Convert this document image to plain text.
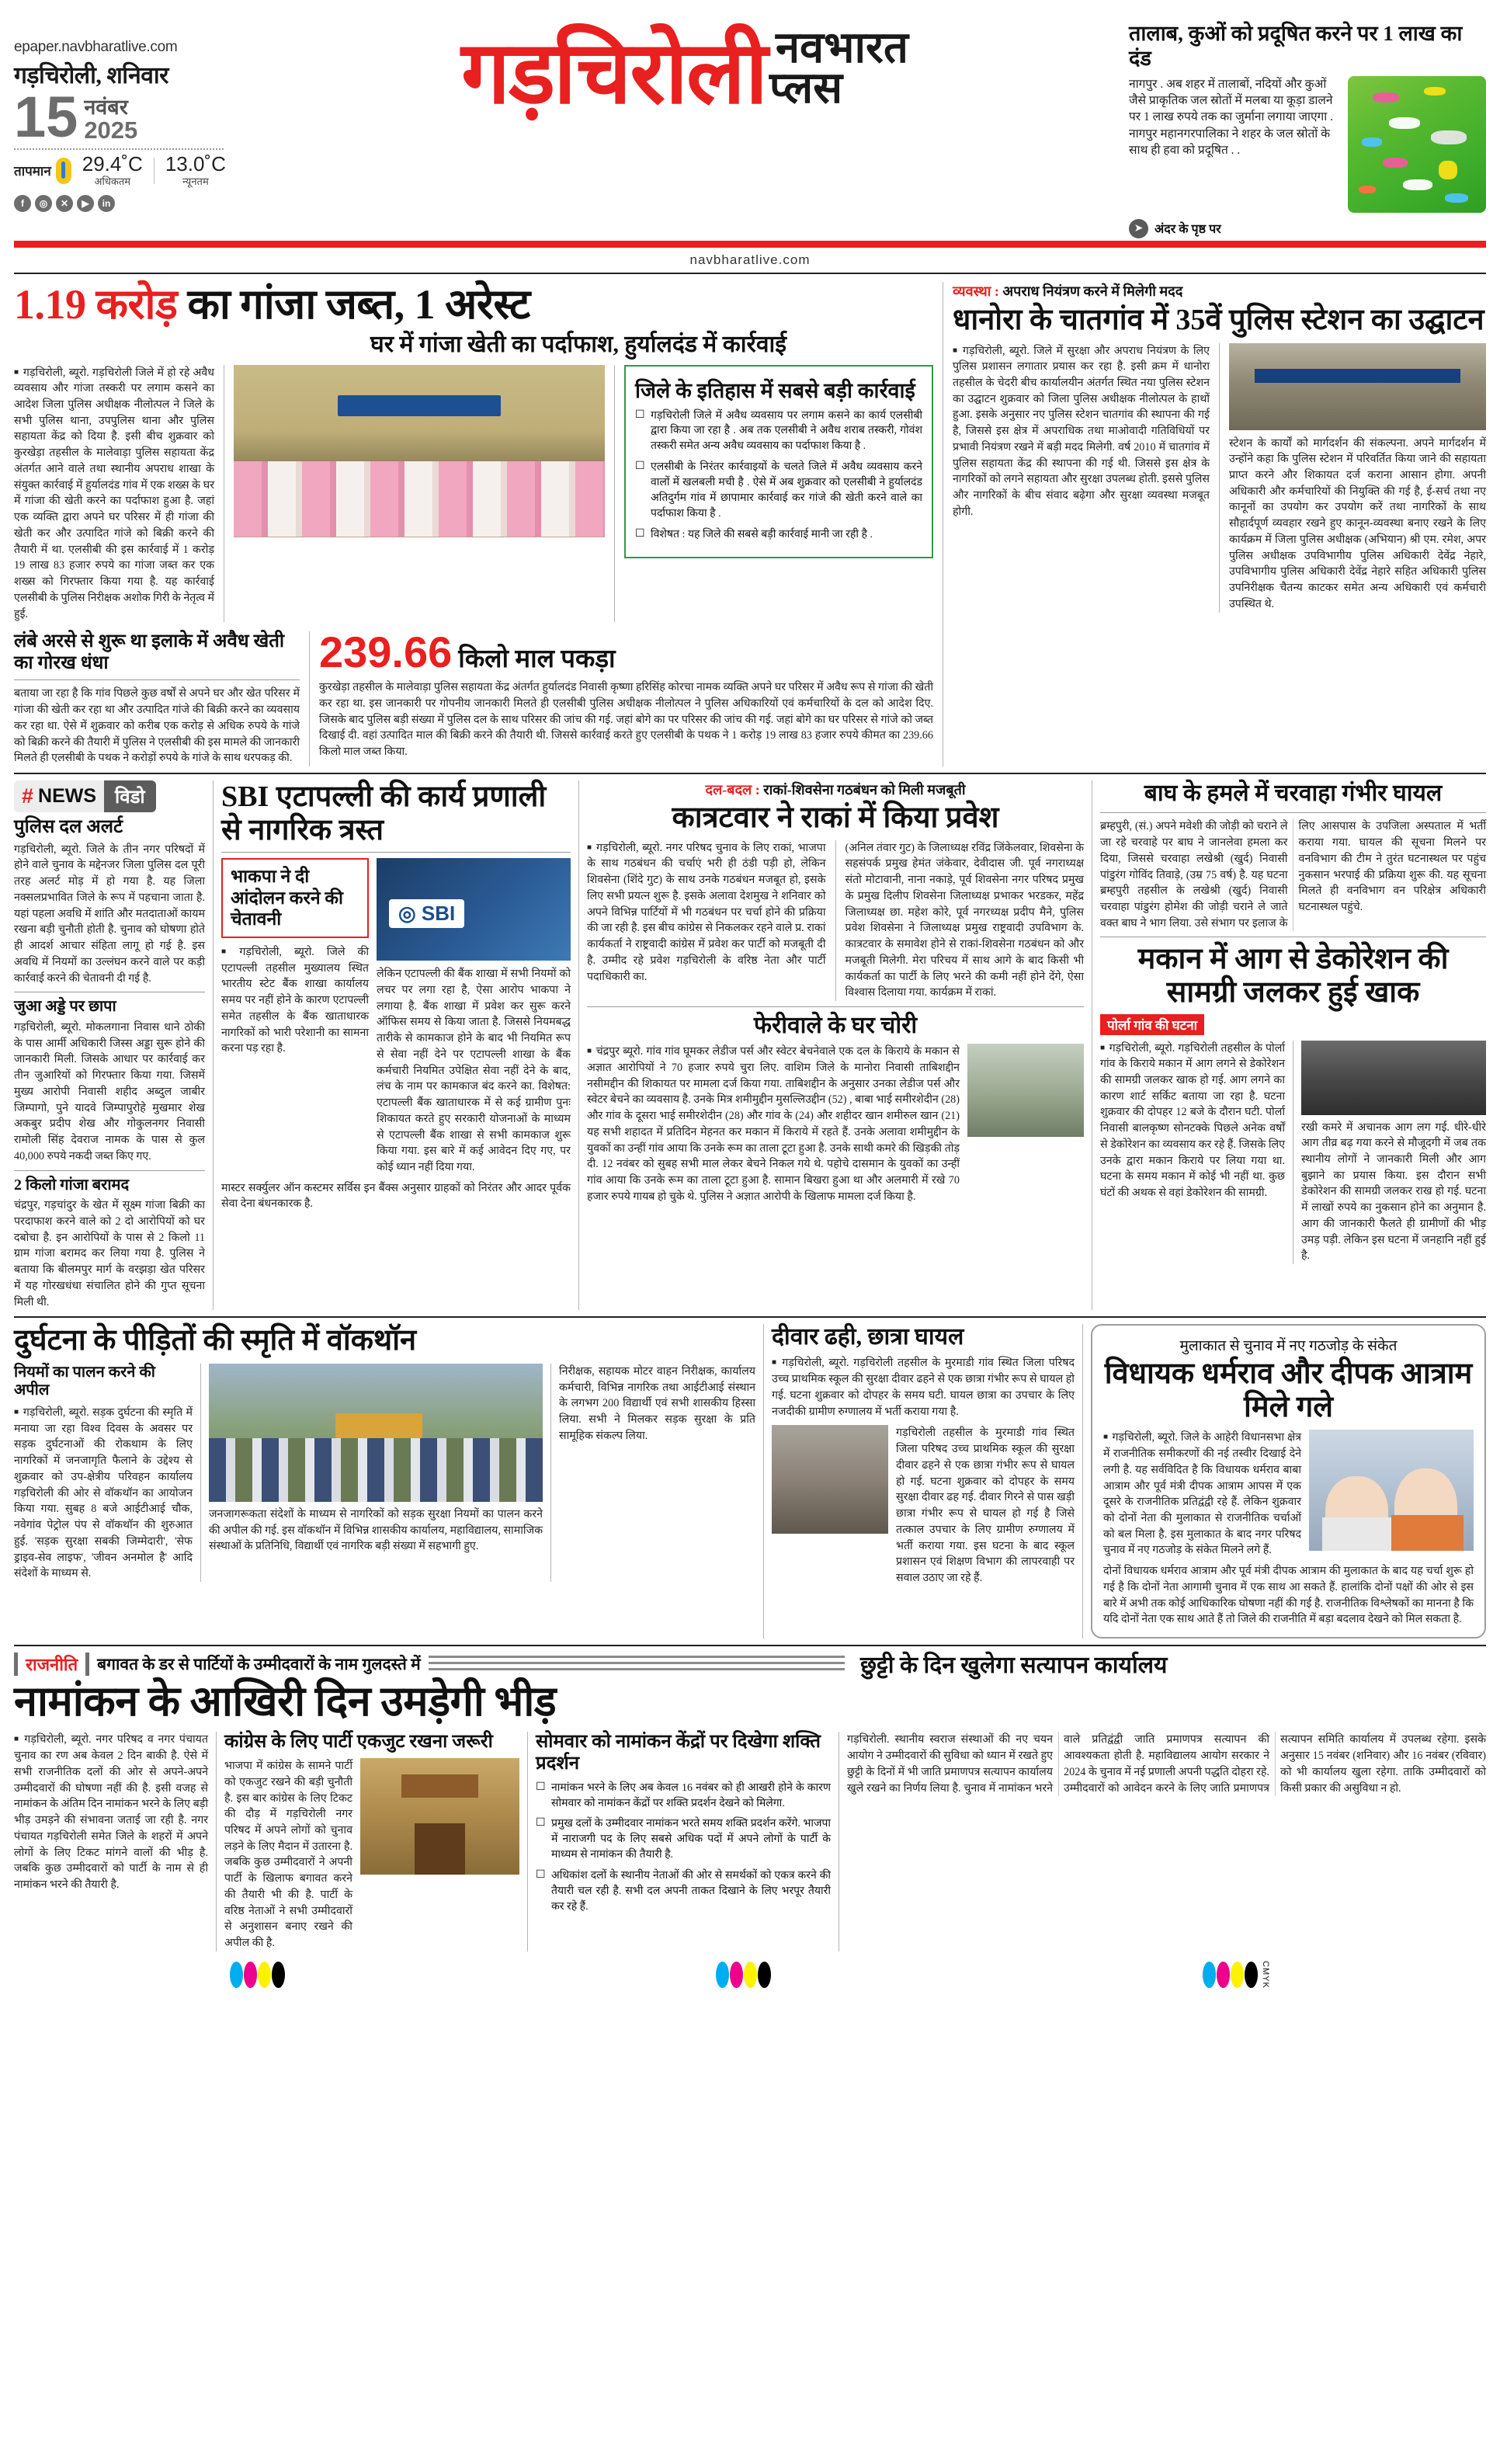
epaper.navbharatlive.com
गड़चिरोली, शनिवार
15 नवंबर
2025
तापमान 29.4˚C
अधिकतम
13.0˚C
न्यूनतम
f	◎	✕	▶	in
गड़चिरोली नवभारत
प्लस
तालाब, कुओं को प्रदूषित करने पर 1 लाख का दंड
नागपुर . अब शहर में तालाबों, नदियों और कुओं जैसे प्राकृतिक जल स्रोतों में मलबा या कूड़ा डालने पर 1 लाख रुपये तक का जुर्माना लगाया जाएगा . नागपुर महानगरपालिका ने शहर के जल स्रोतों के साथ ही हवा को प्रदूषित . .
➤ अंदर के पृष्ठ पर
navbharatlive.com
1.19 करोड़ का गांजा जब्त, 1 अरेस्ट
घर में गांजा खेती का पर्दाफाश, हुर्यालदंड में कार्रवाई
■ गड़चिरोली, ब्यूरो. गड़चिरोली जिले में हो रहे अवैध व्यवसाय और गांजा तस्करी पर लगाम कसने का आदेश जिला पुलिस अधीक्षक नीलोत्पल ने जिले के सभी पुलिस थाना, उपपुलिस थाना और पुलिस सहायता केंद्र को दिया है. इसी बीच शुक्रवार को कुरखेड़ा तहसील के मालेवाड़ा पुलिस सहायता केंद्र अंतर्गत आने वाले तथा स्थानीय अपराध शाखा के संयुक्त कार्रवाई में हुर्यालदंड गांव में एक शख्स के घर में गांजा की खेती करने का पर्दाफाश हुआ है. जहां एक व्यक्ति द्वारा अपने घर परिसर में ही गांजा की खेती कर और उत्पादित गांजे को बिक्री करने की तैयारी में था. एलसीबी की इस कार्रवाई में 1 करोड़ 19 लाख 83 हजार रुपये का गांजा जब्त कर एक शख्स को गिरफ्तार किया गया है. यह कार्रवाई एलसीबी के पुलिस निरीक्षक अशोक गिरी के नेतृत्व में हुई.
जिले के इतिहास में सबसे बड़ी कार्रवाई
☐ गड़चिरोली जिले में अवैध व्यवसाय पर लगाम कसने का कार्य एलसीबी द्वारा किया जा रहा है . अब तक एलसीबी ने अवैध शराब तस्करी, गोवंश तस्करी समेत अन्य अवैध व्यवसाय का पर्दाफाश किया है .
☐ एलसीबी के निरंतर कार्रवाइयों के चलते जिले में अवैध व्यवसाय करने वालों में खलबली मची है . ऐसे में अब शुक्रवार को एलसीबी ने हुर्यालदंड अतिदुर्गम गांव में छापामार कार्रवाई कर गांजे की खेती करने वाले का पर्दाफाश किया है .
☐ विशेषत : यह जिले की सबसे बड़ी कार्रवाई मानी जा रही है .
लंबे अरसे से शुरू था इलाके में अवैध खेती का गोरख धंधा
बताया जा रहा है कि गांव पिछले कुछ वर्षों से अपने घर और खेत परिसर में गांजा की खेती कर रहा था और उत्पादित गांजे की बिक्री करने का व्यवसाय कर रहा था. ऐसे में शुक्रवार को करीब एक करोड़ से अधिक रुपये के गांजे को बिक्री करने की तैयारी में पुलिस ने एलसीबी की इस मामले की जानकारी मिलते ही एलसीबी के पथक ने करोड़ों रुपये के गांजे के साथ धरपकड़ की.
239.66 किलो माल पकड़ा
कुरखेड़ा तहसील के मालेवाड़ा पुलिस सहायता केंद्र अंतर्गत हुर्यालदंड निवासी कृष्णा हरिसिंह कोरचा नामक व्यक्ति अपने घर परिसर में अवैध रूप से गांजा की खेती कर रहा था. इस जानकारी पर गोपनीय जानकारी मिलते ही एलसीबी पुलिस अधीक्षक नीलोत्पल ने पुलिस अधिकारियों एवं कर्मचारियों के दल को आदेश दिए. जिसके बाद पुलिस बड़ी संख्या में पुलिस दल के साथ परिसर की जांच की गई. जहां बोगे का पर परिसर की जांच की गई. जहां बोगे का घर परिसर से गांजे को जब्त दिखाई दी. वहां उत्पादित माल की बिक्री करने की तैयारी थी. जिससे कार्रवाई करते हुए एलसीबी के पथक ने 1 करोड़ 19 लाख 83 हजार रुपये कीमत का 239.66 किलो माल जब्त किया.
व्यवस्था : अपराध नियंत्रण करने में मिलेगी मदद
धानोरा के चातगांव में 35वें पुलिस स्टेशन का उद्घाटन
■ गड़चिरोली, ब्यूरो. जिले में सुरक्षा और अपराध नियंत्रण के लिए पुलिस प्रशासन लगातार प्रयास कर रहा है. इसी क्रम में धानोरा तहसील के चेदरी बीच कार्यालयीन अंतर्गत स्थित नया पुलिस स्टेशन का उद्घाटन शुक्रवार को जिला पुलिस अधीक्षक नीलोत्पल के हाथों हुआ. इसके अनुसार नए पुलिस स्टेशन चातगांव की स्थापना की गई है, जिससे इस क्षेत्र में अपराधिक तथा माओवादी गतिविधियों पर प्रभावी नियंत्रण रखने में बड़ी मदद मिलेगी. वर्ष 2010 में चातगांव में पुलिस सहायता केंद्र की स्थापना की गई थी. जिससे इस क्षेत्र के नागरिकों को लगने सहायता और सुरक्षा उपलब्ध होती. इससे पुलिस और नागरिकों के बीच संवाद बढ़ेगा और सुरक्षा व्यवस्था मजबूत होगी.
स्टेशन के कार्यों को मार्गदर्शन की संकल्पना. अपने मार्गदर्शन में उन्होंने कहा कि पुलिस स्टेशन में परिवर्तित किया जाने की सहायता प्राप्त करने और शिकायत दर्ज कराना आसान होगा. अपनी अधिकारी और कर्मचारियों की नियुक्ति की गई है, ई-सर्च तथा नए कानूनों का उपयोग कर उपयोग करें तथा नागरिकों के साथ सौहार्दपूर्ण व्यवहार रखने हुए कानून-व्यवस्था बनाए रखने के लिए कार्यक्रम में जिला पुलिस अधीक्षक (अभियान) श्री एम. रमेश, अपर पुलिस अधीक्षक उपविभागीय पुलिस अधिकारी देवेंद्र नेहारे, उपविभागीय पुलिस अधिकारी देवेंद्र नेहारे सहित अधिकारी पुलिस उपनिरीक्षक चैतन्य काटकर समेत अन्य अधिकारी एवं कर्मचारी उपस्थित थे.
# NEWS	विडो
पुलिस दल अलर्ट
गड़चिरोली, ब्यूरो. जिले के तीन नगर परिषदों में होने वाले चुनाव के मद्देनजर जिला पुलिस दल पूरी तरह अलर्ट मोड़ में हो गया है. यह जिला नक्सलप्रभावित जिले के रूप में पहचाना जाता है. यहां पहला अवधि में शांति और मतदाताओं कायम रखना बड़ी चुनौती होती है. चुनाव को घोषणा होते ही आदर्श आचार संहिता लागू हो गई है. इस अवधि में नियमों का उल्लंघन करने वाले पर कड़ी कार्रवाई करने की चेतावनी दी गई है.
जुआ अड्डे पर छापा
गड़चिरोली, ब्यूरो. मोकलगाना निवास धाने ठोकी के पास आर्मी अधिकारी जिस्स अड्डा सुरू होने की जानकारी मिली. जिसके आधार पर कार्रवाई कर तीन जुआरियों को गिरफ्तार किया गया. जिसमें मुख्य आरोपी निवासी शहीद अब्दुल जाबीर जिम्पागो, पुने यादवे जिम्पापुरोहे मुखमार शेख अकबुर प्रदीप शेख और गोकुलनगर निवासी रामोली सिंह देवराज नामक के पास से कुल 40,000 रुपये नकदी जब्त किए गए.
2 किलो गांजा बरामद
चंद्रपुर, गड़चांदुर के खेत में सूक्ष्म गांजा बिक्री का परदाफाश करने वाले को 2 दो आरोपियों को घर दबोचा है. इन आरोपियों के पास से 2 किलो 11 ग्राम गांजा बरामद कर लिया गया है. पुलिस ने बताया कि बीलमपुर मार्ग के वरझड़ा खेत परिसर में यह गोरखधंधा संचालित होने की गुप्त सूचना मिली थी.
SBI एटापल्ली की कार्य प्रणाली से नागरिक त्रस्त
भाकपा ने दी आंदोलन करने की चेतावनी
■ गड़चिरोली, ब्यूरो. जिले की एटापल्ली तहसील मुख्यालय स्थित भारतीय स्टेट बैंक शाखा कार्यालय समय पर नहीं होने के कारण एटापल्ली समेत तहसील के बैंक खाताधारक नागरिकों को भारी परेशानी का सामना करना पड़ रहा है.
◎ SBI
लेकिन एटापल्ली की बैंक शाखा में सभी नियमों को लचर पर लगा रहा है, ऐसा आरोप भाकपा ने लगाया है. बैंक शाखा में प्रवेश कर सुरू करने ऑफिस समय से किया जाता है. जिससे नियमबद्ध तारीके से कामकाज होने के बाद भी नियमित रूप से सेवा नहीं देने पर एटापल्ली शाखा के बैंक कर्मचारी नियमित उपेक्षित सेवा नहीं देने के बाद, लंच के नाम पर कामकाज बंद करने का. विशेषत: एटापल्ली बैंक खाताधारक में से कई ग्रामीण पुनः शिकायत करते हुए सरकारी योजनाओं के माध्यम से एटापल्ली बैंक शाखा से सभी कामकाज शुरू किया गया. इस बारे में कई आवेदन दिए गए, पर कोई ध्यान नहीं दिया गया.
मास्टर सर्क्युलर ऑन कस्टमर सर्विस इन बैंक्स अनुसार ग्राहकों को निरंतर और आदर पूर्वक सेवा देना बंधनकारक है.
दल-बदल : राकां-शिवसेना गठबंधन को मिली मजबूती
कात्रटवार ने राकां में किया प्रवेश
■ गड़चिरोली, ब्यूरो. नगर परिषद चुनाव के लिए राकां, भाजपा के साथ गठबंधन की चर्चाएं भरी ही ठंडी पड़ी हो, लेकिन शिवसेना (शिंदे गुट) के साथ उनके गठबंधन मजबूत हो, इसके लिए सभी प्रयत्न शुरू है. इसके अलावा देशमुख ने शनिवार को अपने विभिन्न पार्टियों में भी गठबंधन पर चर्चा होने की प्रक्रिया की जा रही है. इस बीच कांग्रेस से निकलकर रहने वाले प्र. राकां कार्यकर्ता ने राष्ट्रवादी कांग्रेस में प्रवेश कर पार्टी को मजबूती दी है. उम्मीद रहे प्रवेश गड़चिरोली के वरिष्ठ नेता और पार्टी पदाधिकारी का.
(अनिल तंवार गुट) के जिलाध्यक्ष रविंद्र जिंकेलवार, शिवसेना के सहसंपर्क प्रमुख हेमंत जंकेवार, देवीदास जी. पूर्व नगराध्यक्ष संतो मोटावानी, नाना नकाड़े, पूर्व शिवसेना नगर परिषद प्रमुख के प्रमुख दिलीप शिवसेना जिलाध्यक्ष प्रभाकर भरडकर, महेंद्र जिलाध्यक्ष छा. महेश कोरे, पूर्व नगरध्यक्ष प्रदीप मैने, पुलिस प्रवेश शिवसेना ने जिलाध्यक्ष प्रमुख राष्ट्रवादी उपविभाग के. कात्रटवार के समावेश होने से राकां-शिवसेना गठबंधन को और मजबूती मिलेगी. मेरा परिचय में साथ आगे के बाद किसी भी कार्यकर्ता का पार्टी के लिए भरने की कमी नहीं होने देंगे, ऐसा विश्वास दिलाया गया. कार्यक्रम में राकां.
फेरीवाले के घर चोरी
■ चंद्रपुर ब्यूरो. गांव गांव घूमकर लेडीज पर्स और स्वेटर बेचनेवाले एक दल के किराये के मकान से अज्ञात आरोपियों ने 70 हजार रुपये चुरा लिए. वाशिम जिले के मानोरा निवासी ताबिशद्दीन नसीमद्दीन की शिकायत पर मामला दर्ज किया गया. ताबिशद्दीन के अनुसार उनका लेडीज पर्स और स्वेटर बेचने का व्यवसाय है. उनके मित्र शमीमुद्दीन मुसल्लिउद्दीन (52) , बाबा भाई समीरशेदीन (28) और गांव के दूसरा भाई समीरशेदीन (28) और गांव के (24) और शहीदर खान शमीरुल खान (21) यह सभी शहादत में प्रतिदिन मेहनत कर मकान में किराये में रहते हैं. उनके अलावा शमीमुद्दीन के युवकों का उन्हीं गांव आया कि उनके रूम का ताला टूटा हुआ है. उनके साथी कमरे की खिड़की तोड़ दी. 12 नवंबर को सुबह सभी माल लेकर बेचने निकल गये थे. पहोचे दासमान के युवकों का उन्हीं गांव आया कि उनके रूम का ताला टूटा हुआ है. सामान बिखरा हुआ था और अलमारी में रखे 70 हजार रुपये गायब हो चुके थे. पुलिस ने अज्ञात आरोपी के खिलाफ मामला दर्ज किया है.
बाघ के हमले में चरवाहा गंभीर घायल
ब्रम्हपुरी, (सं.) अपने मवेशी की जोड़ी को चराने ले जा रहे चरवाहे पर बाघ ने जानलेवा हमला कर दिया, जिससे चरवाहा लखेश्री (खुर्द) निवासी पांडुरंग गोविंद तिवाड़े, (उम्र 75 वर्ष) है. यह घटना ब्रम्हपुरी तहसील के लखेश्री (खुर्द) निवासी चरवाहा पांडुरंग होमेश की जोड़ी चराने ले जाते वक्त बाघ ने भाग लिया. उसे संभाग पर इलाज के लिए आसपास के उपजिला अस्पताल में भर्ती कराया गया. घायल की सूचना मिलने पर वनविभाग की टीम ने तुरंत घटनास्थल पर पहुंच नुकसान भरपाई की प्रक्रिया शुरू की. यह सूचना मिलते ही वनविभाग वन परिक्षेत्र अधिकारी घटनास्थल पहुंचे.
मकान में आग से डेकोरेशन की सामग्री जलकर हुई खाक
पोर्ला गांव की घटना
■ गड़चिरोली, ब्यूरो. गड़चिरोली तहसील के पोर्ला गांव के किराये मकान में आग लगने से डेकोरेशन की सामग्री जलकर खाक हो गई. आग लगने का कारण शार्ट सर्किट बताया जा रहा है. घटना शुक्रवार की दोपहर 12 बजे के दौरान घटी. पोर्ला निवासी बालकृष्ण सोनटक्के पिछले अनेक वर्षों से डेकोरेशन का व्यवसाय कर रहे हैं. जिसके लिए उनके द्वारा मकान किराये पर लिया गया था. घटना के समय मकान में कोई भी नहीं था. कुछ घंटों की अथक से वहां डेकोरेशन की सामग्री.
रखी कमरे में अचानक आग लग गई. धीरे-धीरे आग तीव्र बढ़ गया करने से मौजूदगी में जब तक स्थानीय लोगों ने जानकारी मिली और आग बुझाने का प्रयास किया. इस दौरान सभी डेकोरेशन की सामग्री जलकर राख हो गई. घटना में लाखों रुपये का नुकसान होने का अनुमान है. आग की जानकारी फैलते ही ग्रामीणों की भीड़ उमड़ पड़ी. लेकिन इस घटना में जनहानि नहीं हुई है.
दुर्घटना के पीड़ितों की स्मृति में वॉकथॉन
नियमों का पालन करने की अपील
■ गड़चिरोली, ब्यूरो. सड़क दुर्घटना की स्मृति में मनाया जा रहा विश्व दिवस के अवसर पर सड़क दुर्घटनाओं की रोकथाम के लिए नागरिकों में जनजागृति फैलाने के उद्देश्य से शुक्रवार को उप-क्षेत्रीय परिवहन कार्यालय गड़चिरोली की ओर से वॉकथॉन का आयोजन किया गया. सुबह 8 बजे आईटीआई चौक, नवेगांव पेट्रोल पंप से वॉकथॉन की शुरुआत हुई. 'सड़क सुरक्षा सबकी जिम्मेदारी', 'सेफ ड्राइव-सेव लाइफ', 'जीवन अनमोल है' आदि संदेशों के माध्यम से.
जनजागरूकता संदेशों के माध्यम से नागरिकों को सड़क सुरक्षा नियमों का पालन करने की अपील की गई. इस वॉकथॉन में विभिन्न शासकीय कार्यालय, महाविद्यालय, सामाजिक संस्थाओं के प्रतिनिधि, विद्यार्थी एवं नागरिक बड़ी संख्या में सहभागी हुए.
निरीक्षक, सहायक मोटर वाहन निरीक्षक, कार्यालय कर्मचारी, विभिन्न नागरिक तथा आईटीआई संस्थान के लगभग 200 विद्यार्थी एवं सभी शासकीय हिस्सा लिया. सभी ने मिलकर सड़क सुरक्षा के प्रति सामूहिक संकल्प लिया.
दीवार ढही, छात्रा घायल
■ गड़चिरोली, ब्यूरो. गड़चिरोली तहसील के मुरमाडी गांव स्थित जिला परिषद उच्च प्राथमिक स्कूल की सुरक्षा दीवार ढहने से एक छात्रा गंभीर रूप से घायल हो गई. घटना शुक्रवार को दोपहर के समय घटी. घायल छात्रा का उपचार के लिए नजदीकी ग्रामीण रुग्णालय में भर्ती कराया गया है.
गड़चिरोली तहसील के मुरमाडी गांव स्थित जिला परिषद उच्च प्राथमिक स्कूल की सुरक्षा दीवार ढहने से एक छात्रा गंभीर रूप से घायल हो गई. घटना शुक्रवार को दोपहर के समय सुरक्षा दीवार ढह गई. दीवार गिरने से पास खड़ी छात्रा गंभीर रूप से घायल हो गई है जिसे तत्काल उपचार के लिए ग्रामीण रुग्णालय में भर्ती कराया गया. इस घटना के बाद स्कूल प्रशासन एवं शिक्षण विभाग की लापरवाही पर सवाल उठाए जा रहे हैं.
मुलाकात से चुनाव में नए गठजोड़ के संकेत
विधायक धर्मराव और दीपक आत्राम मिले गले
■ गड़चिरोली, ब्यूरो. जिले के आहेरी विधानसभा क्षेत्र में राजनीतिक समीकरणों की नई तस्वीर दिखाई देने लगी है. यह सर्वविदित है कि विधायक धर्मराव बाबा आत्राम और पूर्व मंत्री दीपक आत्राम आपस में एक दूसरे के राजनीतिक प्रतिद्वंद्वी रहे हैं. लेकिन शुक्रवार को दोनों नेता की मुलाकात से राजनीतिक चर्चाओं को बल मिला है. इस मुलाकात के बाद नगर परिषद चुनाव में नए गठजोड़ के संकेत मिलने लगे हैं.
दोनों विधायक धर्मराव आत्राम और पूर्व मंत्री दीपक आत्राम की मुलाकात के बाद यह चर्चा शुरू हो गई है कि दोनों नेता आगामी चुनाव में एक साथ आ सकते हैं. हालांकि दोनों पक्षों की ओर से इस बारे में अभी तक कोई आधिकारिक घोषणा नहीं की गई है. राजनीतिक विश्लेषकों का मानना है कि यदि दोनों नेता एक साथ आते हैं तो जिले की राजनीति में बड़ा बदलाव देखने को मिल सकता है.
राजनीति बगावत के डर से पार्टियों के उम्मीदवारों के नाम गुलदस्ते में
नामांकन के आखिरी दिन उमड़ेगी भीड़
छुट्टी के दिन खुलेगा सत्यापन कार्यालय
■ गड़चिरोली, ब्यूरो. नगर परिषद व नगर पंचायत चुनाव का रण अब केवल 2 दिन बाकी है. ऐसे में सभी राजनीतिक दलों की ओर से अपने-अपने उम्मीदवारों की घोषणा नहीं की है. इसी वजह से नामांकन के अंतिम दिन नामांकन भरने के लिए बड़ी भीड़ उमड़ने की संभावना जताई जा रही है. नगर पंचायत गड़चिरोली समेत जिले के शहरों में अपने लोगों के लिए टिकट मांगने वालों की भीड़ है. जबकि कुछ उम्मीदवारों को पार्टी के नाम से ही नामांकन भरने की तैयारी है.
कांग्रेस के लिए पार्टी एकजुट रखना जरूरी
भाजपा में कांग्रेस के सामने पार्टी को एकजुट रखने की बड़ी चुनौती है. इस बार कांग्रेस के लिए टिकट की दौड़ में गड़चिरोली नगर परिषद में अपने लोगों को चुनाव लड़ने के लिए मैदान में उतारना है. जबकि कुछ उम्मीदवारों ने अपनी पार्टी के खिलाफ बगावत करने की तैयारी भी की है. पार्टी के वरिष्ठ नेताओं ने सभी उम्मीदवारों से अनुशासन बनाए रखने की अपील की है.
सोमवार को नामांकन केंद्रों पर दिखेगा शक्ति प्रदर्शन
☐ नामांकन भरने के लिए अब केवल 16 नवंबर को ही आखरी होने के कारण सोमवार को नामांकन केंद्रों पर शक्ति प्रदर्शन देखने को मिलेगा.
☐ प्रमुख दलों के उम्मीदवार नामांकन भरते समय शक्ति प्रदर्शन करेंगे. भाजपा में नाराजगी पद के लिए सबसे अधिक पदों में अपने लोगों के पार्टी के माध्यम से नामांकन की तैयारी है.
☐ अधिकांश दलों के स्थानीय नेताओं की ओर से समर्थकों को एकत्र करने की तैयारी चल रही है. सभी दल अपनी ताकत दिखाने के लिए भरपूर तैयारी कर रहे हैं.
गड़चिरोली. स्थानीय स्वराज संस्थाओं की नए चयन आयोग ने उम्मीदवारों की सुविधा को ध्यान में रखते हुए छुट्टी के दिनों में भी जाति प्रमाणपत्र सत्यापन कार्यालय खुले रखने का निर्णय लिया है. चुनाव में नामांकन भरने वाले प्रतिद्वंद्वी जाति प्रमाणपत्र सत्यापन की आवश्यकता होती है. महाविद्यालय आयोग सरकार ने 2024 के चुनाव में नई प्रणाली अपनी पद्धति दोहरा रहे. उम्मीदवारों को आवेदन करने के लिए जाति प्रमाणपत्र सत्यापन समिति कार्यालय में उपलब्ध रहेगा. इसके अनुसार 15 नवंबर (शनिवार) और 16 नवंबर (रविवार) को भी कार्यालय खुला रहेगा. ताकि उम्मीदवारों को किसी प्रकार की असुविधा न हो.
CMYK
